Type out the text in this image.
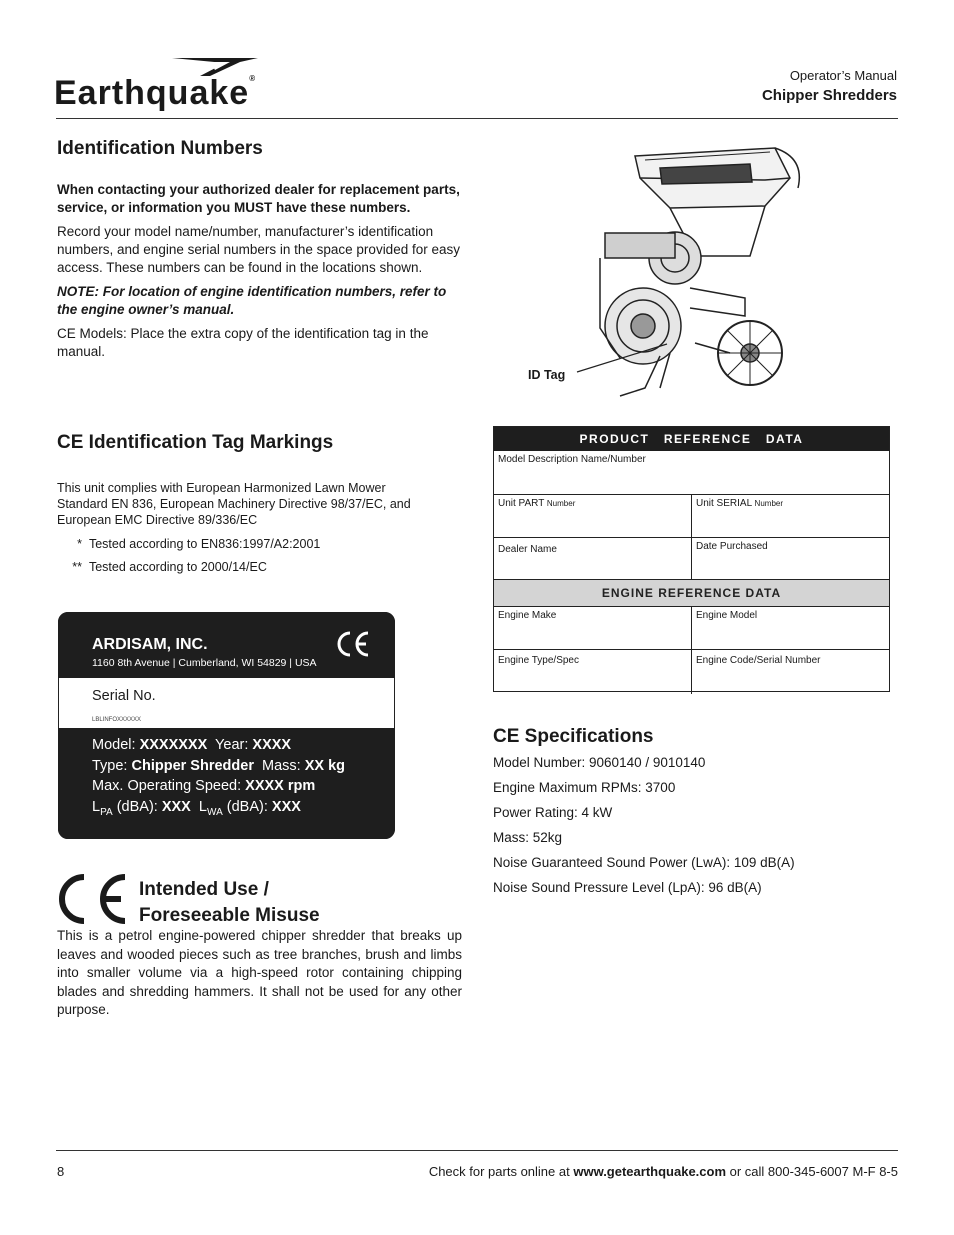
Earthquake®	Operator’s Manual
Chipper Shredders
Identification Numbers

When contacting your authorized dealer for replacement parts, service, or information you MUST have these numbers.

Record your model name/number, manufacturer’s identification numbers, and engine serial numbers in the space provided for easy access. These numbers can be found in the locations shown.

NOTE: For location of engine identification numbers, refer to the engine owner’s manual.

CE Models: Place the extra copy of the identification tag in the manual.

ID Tag
CE Identification Tag Markings
This unit complies with European Harmonized Lawn Mower Standard EN 836, European Machinery Directive 98/37/EC, and European EMC Directive 89/336/EC
* Tested according to EN836:1997/A2:2001
** Tested according to 2000/14/EC
ARDISAM, INC.
1160 8th Avenue | Cumberland, WI 54829 | USA
Serial No.
LBLINFOXXXXXX
Model: XXXXXXX  Year: XXXX
Type: Chipper Shredder  Mass: XX kg
Max. Operating Speed: XXXX rpm
$L_{PA}$ (dBA): XXX $L_{WA}$ (dBA): XXX
Intended Use /
Foreseeable Misuse
This is a petrol engine-powered chipper shredder that breaks up leaves and wooded pieces such as tree branches, brush and limbs into smaller volume via a high-speed rotor containing chipping blades and shredding hammers. It shall not be used for any other purpose.
PRODUCT   REFERENCE   DATA
Model Description Name/Number
Unit PART Number	Unit SERIAL Number
Dealer Name	Date Purchased
ENGINE REFERENCE DATA
Engine Make	Engine Model
Engine Type/Spec	Engine Code/Serial Number
CE Specifications
Model Number: 9060140 / 9010140
Engine Maximum RPMs: 3700
Power Rating: 4 kW
Mass: 52kg
Noise Guaranteed Sound Power (LwA): 109 dB(A)
Noise Sound Pressure Level (LpA): 96 dB(A)
8	Check for parts online at www.getearthquake.com or call 800-345-6007 M-F 8-5
